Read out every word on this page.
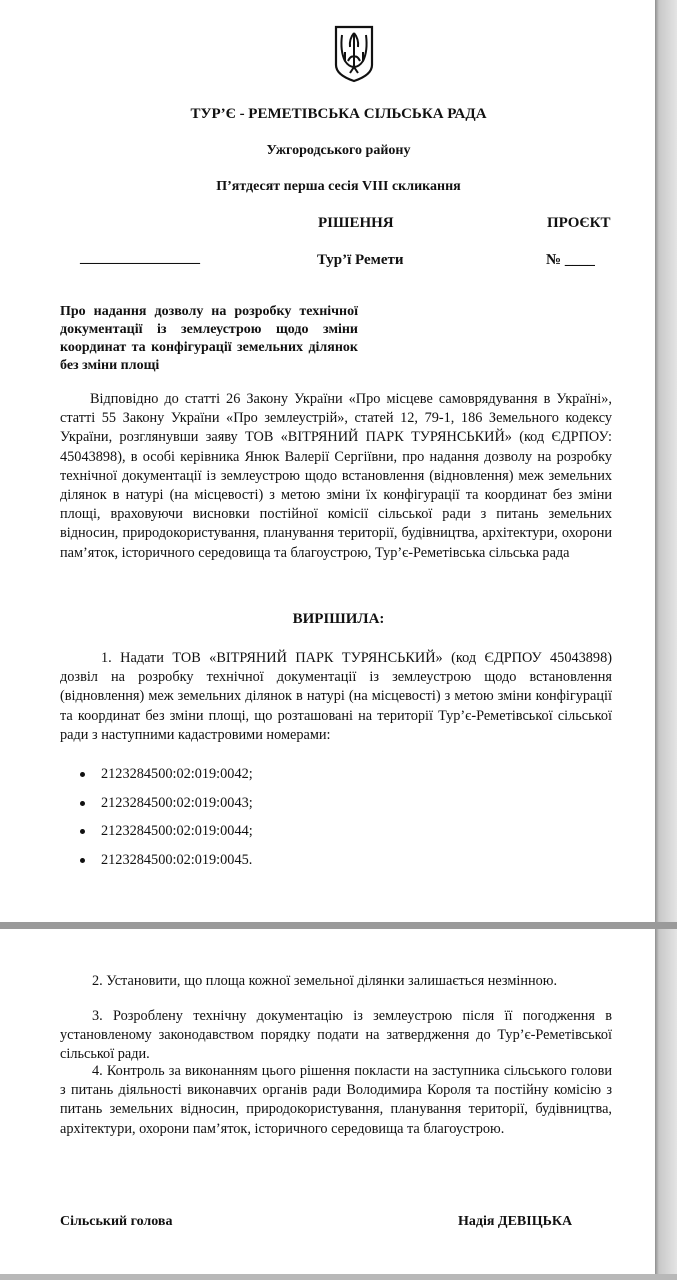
ТУР’Є - РЕМЕТІВСЬКА СІЛЬСЬКА РАДА
Ужгородського району
П’ятдесят перша сесія VIII скликання
РІШЕННЯ	ПРОЄКТ
________________	Тур’ї Ремети	№ ____
Про надання дозволу на розробку технічної документації із землеустрою щодо зміни координат та конфігурації земельних ділянок без зміни площі
Відповідно до статті 26 Закону України «Про місцеве самоврядування в Україні», статті 55 Закону України «Про землеустрій», статей 12, 79-1, 186 Земельного кодексу України, розглянувши заяву ТОВ «ВІТРЯНИЙ ПАРК ТУРЯНСЬКИЙ» (код ЄДРПОУ: 45043898), в особі керівника Янюк Валерії Сергіївни, про надання дозволу на розробку технічної документації із землеустрою щодо встановлення (відновлення) меж земельних ділянок в натурі (на місцевості) з метою зміни їх конфігурації та координат без зміни площі, враховуючи висновки постійної комісії сільської ради з питань земельних відносин, природокористування, планування території, будівництва, архітектури, охорони пам’яток, історичного середовища та благоустрою, Тур’є-Реметівська сільська рада
ВИРІШИЛА:
1. Надати ТОВ «ВІТРЯНИЙ ПАРК ТУРЯНСЬКИЙ» (код ЄДРПОУ 45043898) дозвіл на розробку технічної документації із землеустрою щодо встановлення (відновлення) меж земельних ділянок в натурі (на місцевості) з метою зміни конфігурації та координат без зміни площі, що розташовані на території Тур’є-Реметівської сільської ради з наступними кадастровими номерами:
2123284500:02:019:0042;
2123284500:02:019:0043;
2123284500:02:019:0044;
2123284500:02:019:0045.
2. Установити, що площа кожної земельної ділянки залишається незмінною.
3. Розроблену технічну документацію із землеустрою після її погодження в установленому законодавством порядку подати на затвердження до Тур’є-Реметівської сільської ради.
4. Контроль за виконанням цього рішення покласти на заступника сільського голови з питань діяльності виконавчих органів ради Володимира Короля та постійну комісію з питань земельних відносин, природокористування, планування території, будівництва, архітектури, охорони пам’яток, історичного середовища та благоустрою.
Сільський голова	Надія ДЕВІЦЬКА
